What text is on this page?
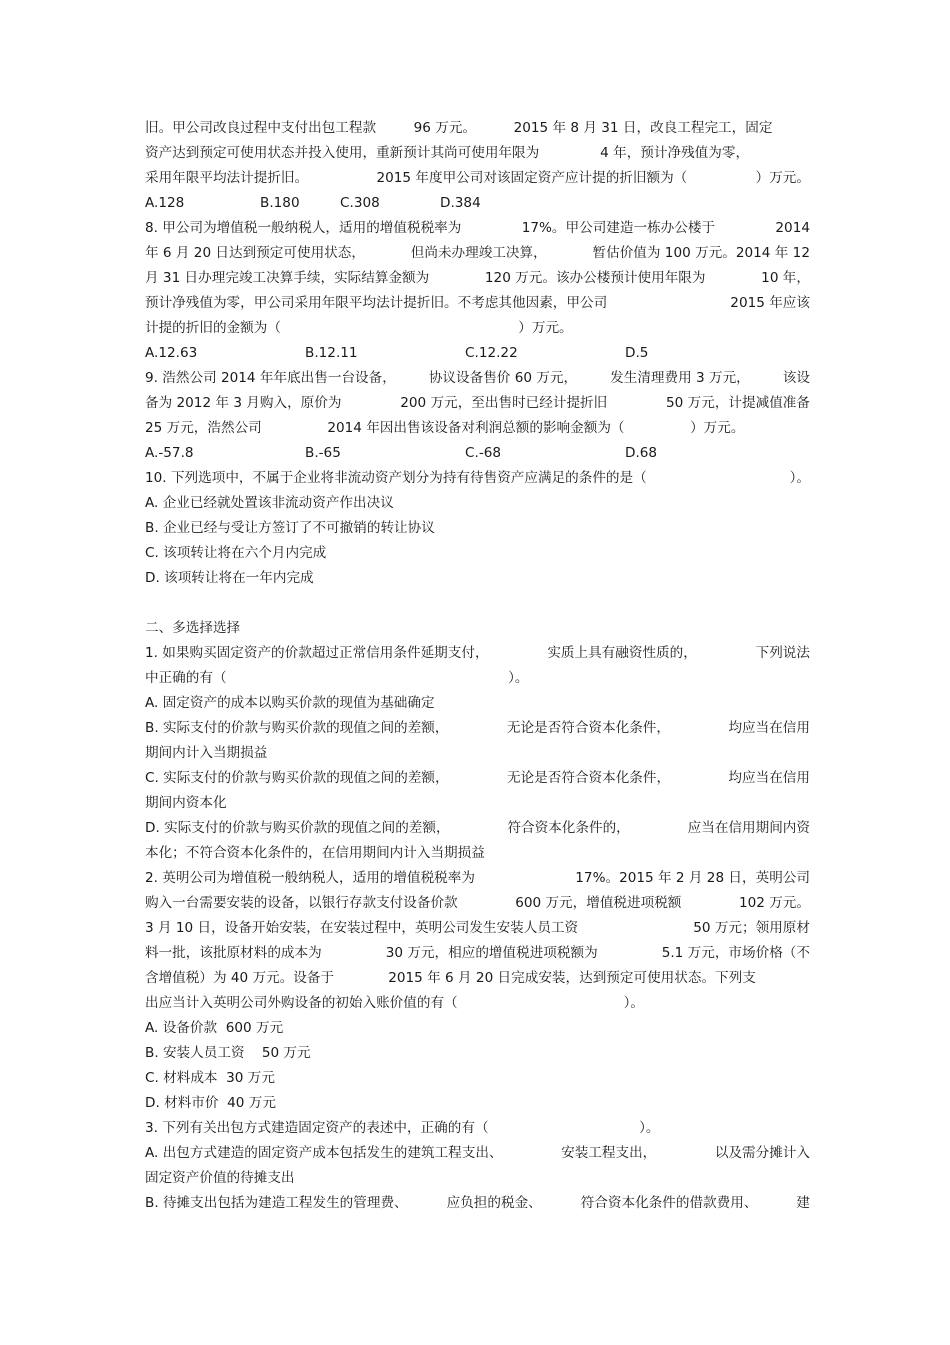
旧。甲公司改良过程中支付出包工程款	96 万元。	2015 年 8 月 31 日，改良工程完工，固定
资产达到预定可使用状态并投入使用，重新预计其尚可使用年限为	4 年，预计净残值为零，
采用年限平均法计提折旧。	2015 年度甲公司对该固定资产应计提的折旧额为（	）万元。
A.128	B.180	C.308	D.384
8. 甲公司为增值税一般纳税人，适用的增值税税率为	17%。甲公司建造一栋办公楼于	2014
年 6 月 20 日达到预定可使用状态，	但尚未办理竣工决算，	暂估价值为 100 万元。2014 年 12
月 31 日办理完竣工决算手续，实际结算金额为	120 万元。该办公楼预计使用年限为	10 年，
预计净残值为零，甲公司采用年限平均法计提折旧。不考虑其他因素，甲公司	2015 年应该
计提的折旧的金额为（	）万元。
A.12.63	B.12.11	C.12.22	D.5
9. 浩然公司 2014 年年底出售一台设备， 协议设备售价 60 万元， 发生清理费用 3 万元， 该设
备为 2012 年 3 月购入，原价为	200 万元，至出售时已经计提折旧	50 万元，计提减值准备
25 万元，浩然公司	2014 年因出售该设备对利润总额的影响金额为（	）万元。
A.-57.8	B.-65	C.-68	D.68
10. 下列选项中，不属于企业将非流动资产划分为持有待售资产应满足的条件的是（	）。
A. 企业已经就处置该非流动资产作出决议
B. 企业已经与受让方签订了不可撤销的转让协议
C. 该项转让将在六个月内完成
D. 该项转让将在一年内完成
二、多选择选择
1. 如果购买固定资产的价款超过正常信用条件延期支付，	实质上具有融资性质的，	下列说法
中正确的有（	）。
A. 固定资产的成本以购买价款的现值为基础确定
B. 实际支付的价款与购买价款的现值之间的差额，	无论是否符合资本化条件，	均应当在信用
期间内计入当期损益
C. 实际支付的价款与购买价款的现值之间的差额，	无论是否符合资本化条件，	均应当在信用
期间内资本化
D. 实际支付的价款与购买价款的现值之间的差额，	符合资本化条件的，	应当在信用期间内资
本化；不符合资本化条件的，在信用期间内计入当期损益
2. 英明公司为增值税一般纳税人，适用的增值税税率为	17%。2015 年 2 月 28 日，英明公司
购入一台需要安装的设备，以银行存款支付设备价款	600 万元，增值税进项税额	102 万元。
3 月 10 日，设备开始安装，在安装过程中，英明公司发生安装人员工资	50 万元；领用原材
料一批，该批原材料的成本为	30 万元，相应的增值税进项税额为	5.1 万元，市场价格（不
含增值税）为 40 万元。设备于	2015 年 6 月 20 日完成安装，达到预定可使用状态。下列支
出应当计入英明公司外购设备的初始入账价值的有（	）。
A. 设备价款  600 万元
B. 安装人员工资    50 万元
C. 材料成本  30 万元
D. 材料市价  40 万元
3. 下列有关出包方式建造固定资产的表述中，正确的有（	）。
A. 出包方式建造的固定资产成本包括发生的建筑工程支出、	安装工程支出，	以及需分摊计入
固定资产价值的待摊支出
B. 待摊支出包括为建造工程发生的管理费、	应负担的税金、	符合资本化条件的借款费用、	建
